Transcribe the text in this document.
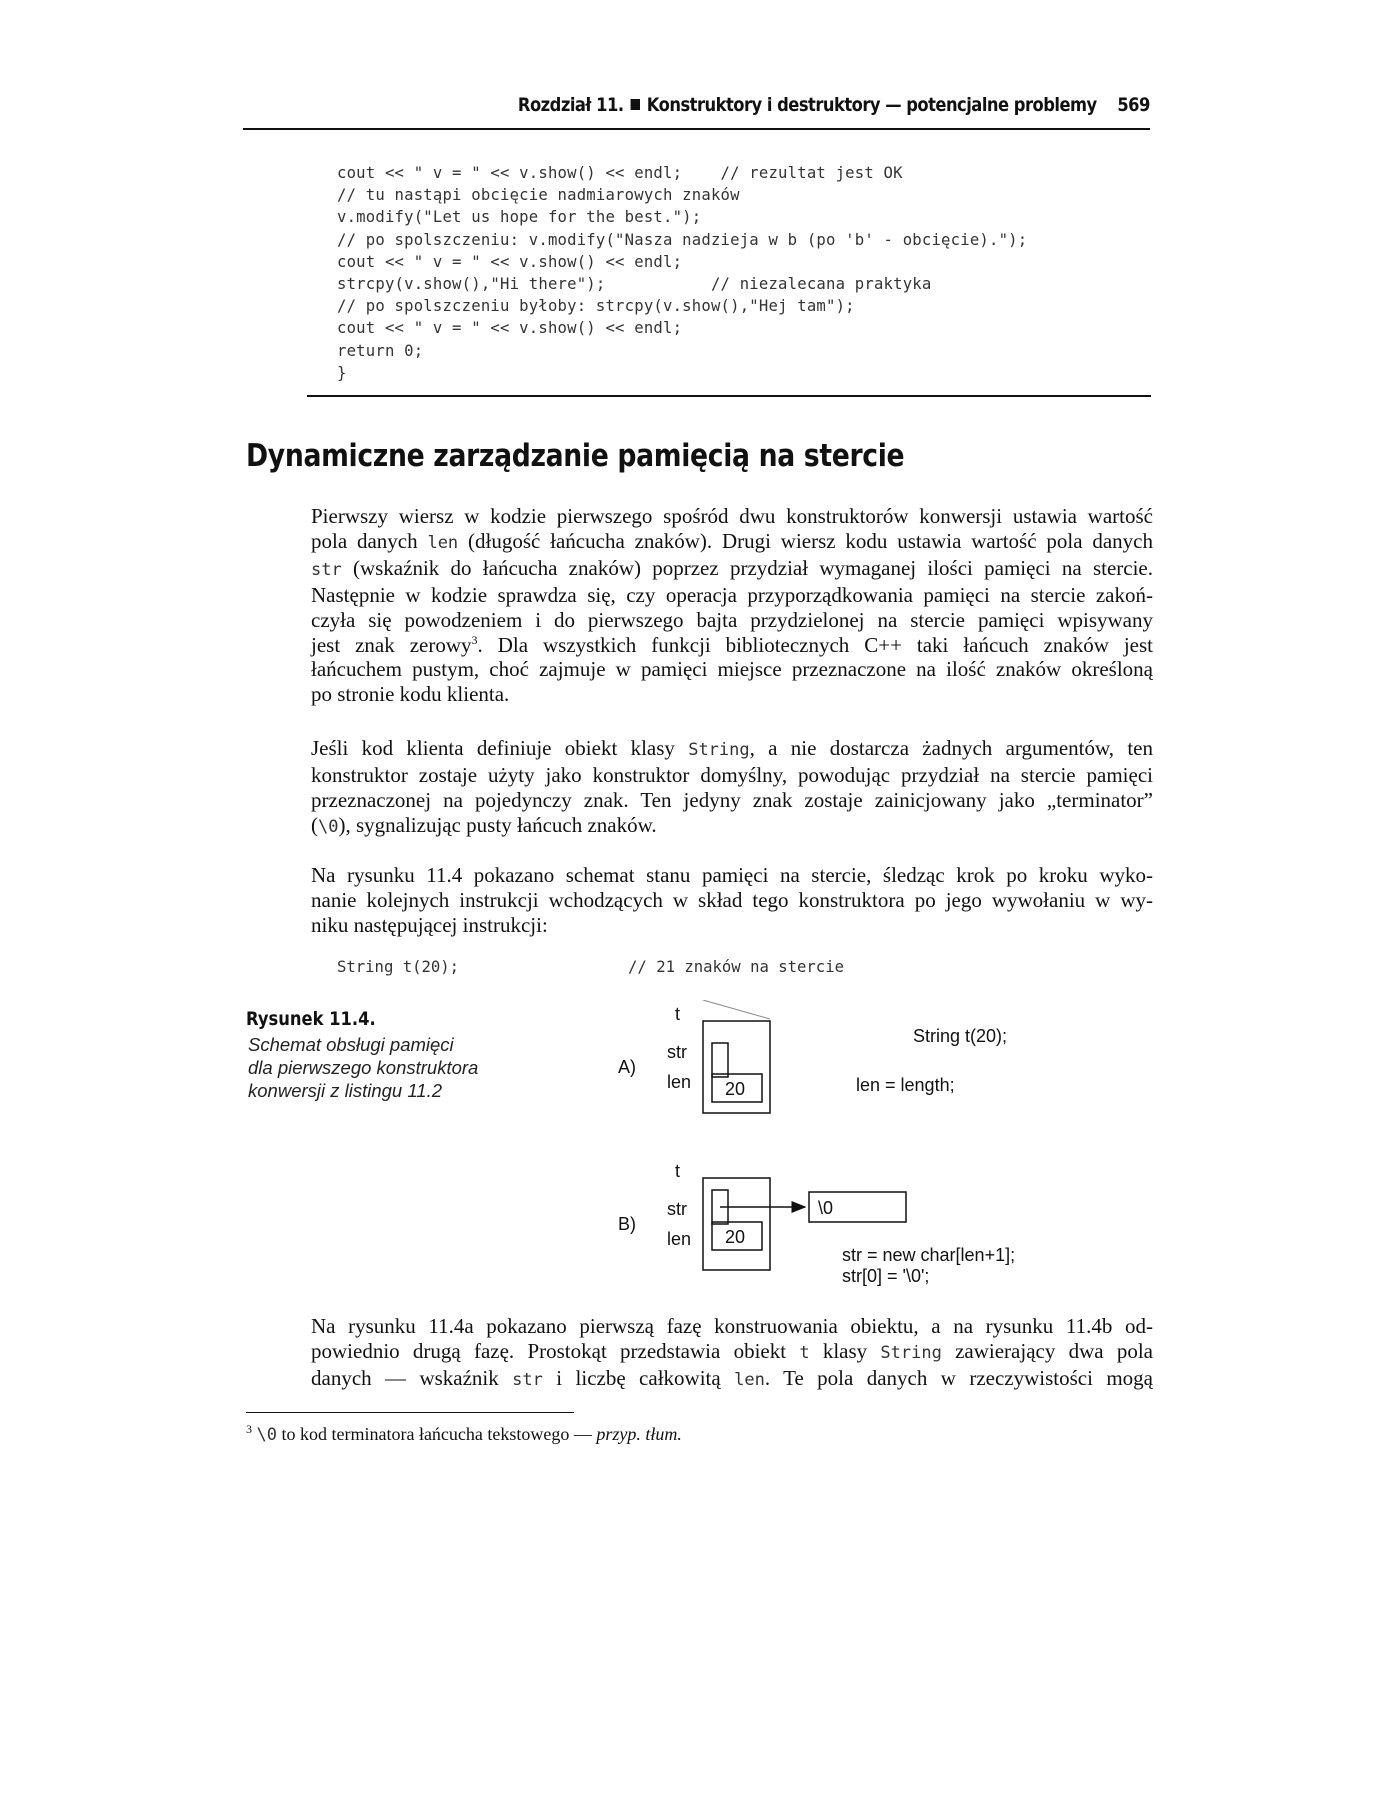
Rozdział 11. Konstruktory i destruktory — potencjalne problemy 569
cout << " v = " << v.show() << endl;    // rezultat jest OK
// tu nastąpi obcięcie nadmiarowych znaków
v.modify("Let us hope for the best.");
// po spolszczeniu: v.modify("Nasza nadzieja w b (po 'b' - obcięcie).");
cout << " v = " << v.show() << endl;
strcpy(v.show(),"Hi there");           // niezalecana praktyka
// po spolszczeniu byłoby: strcpy(v.show(),"Hej tam");
cout << " v = " << v.show() << endl;
return 0;
}
Dynamiczne zarządzanie pamięcią na stercie
Pierwszy wiersz w kodzie pierwszego spośród dwu konstruktorów konwersji ustawia wartość
pola danych len (długość łańcucha znaków). Drugi wiersz kodu ustawia wartość pola danych
str (wskaźnik do łańcucha znaków) poprzez przydział wymaganej ilości pamięci na stercie.
Następnie w kodzie sprawdza się, czy operacja przyporządkowania pamięci na stercie zakoń-
czyła się powodzeniem i do pierwszego bajta przydzielonej na stercie pamięci wpisywany
jest znak zerowy$^3$. Dla wszystkich funkcji bibliotecznych C++ taki łańcuch znaków jest
łańcuchem pustym, choć zajmuje w pamięci miejsce przeznaczone na ilość znaków określoną
po stronie kodu klienta.
Jeśli kod klienta definiuje obiekt klasy String, a nie dostarcza żadnych argumentów, ten
konstruktor zostaje użyty jako konstruktor domyślny, powodując przydział na stercie pamięci
przeznaczonej na pojedynczy znak. Ten jedyny znak zostaje zainicjowany jako „terminator”
(\0), sygnalizując pusty łańcuch znaków.
Na rysunku 11.4 pokazano schemat stanu pamięci na stercie, śledząc krok po kroku wyko-
nanie kolejnych instrukcji wchodzących w skład tego konstruktora po jego wywołaniu w wy-
niku następującej instrukcji:
String t(20);                  // 21 znaków na stercie
Rysunek 11.4.
Schemat obsługi pamięci
dla pierwszego konstruktora
konwersji z listingu 11.2
A)
t
str
len 20
String t(20);
len = length;
B)
t
str
len 20
\0
str = new char[len+1];
str[0] = '\0';
Na rysunku 11.4a pokazano pierwszą fazę konstruowania obiektu, a na rysunku 11.4b od-
powiednio drugą fazę. Prostokąt przedstawia obiekt t klasy String zawierający dwa pola
danych — wskaźnik str i liczbę całkowitą len. Te pola danych w rzeczywistości mogą
$^3$ \0 to kod terminatora łańcucha tekstowego — przyp. tłum.
